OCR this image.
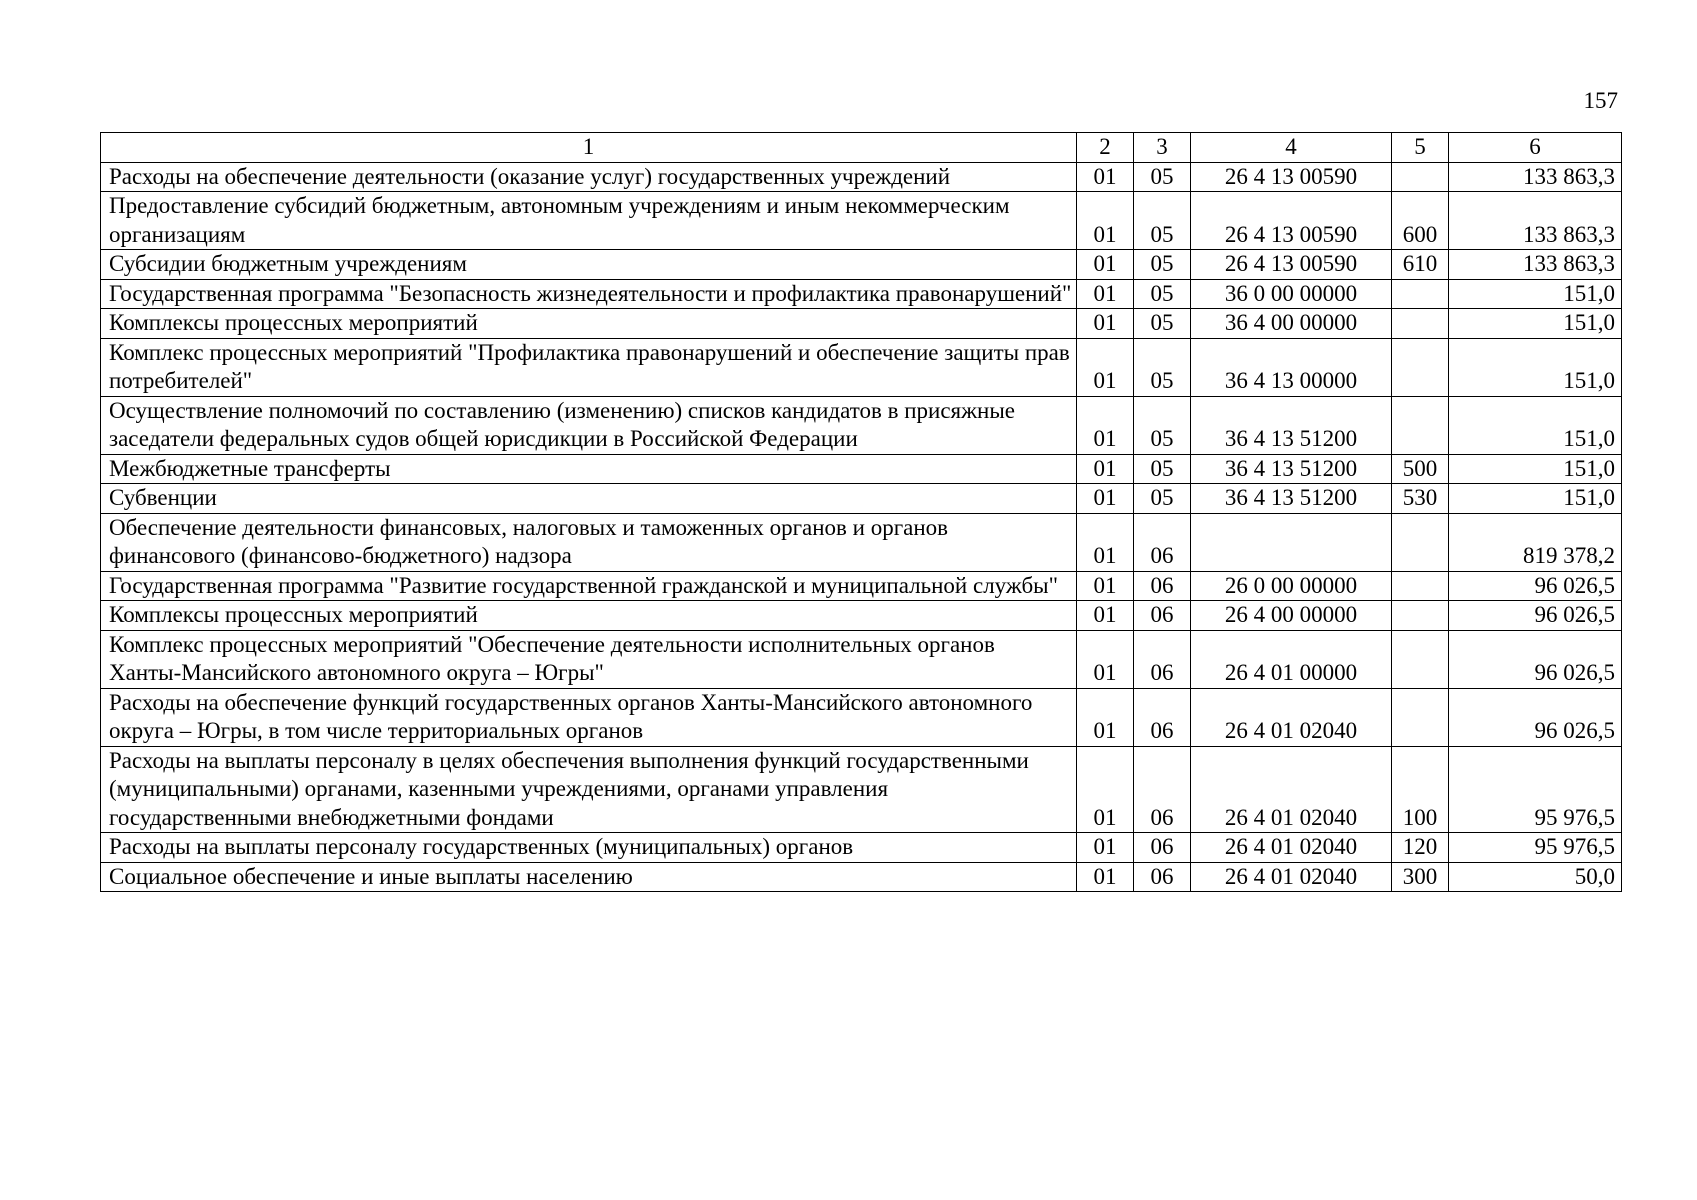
157
1	2	3	4	5	6
Расходы на обеспечение деятельности (оказание услуг) государственных учреждений	01	05	26 4 13 00590		133 863,3
Предоставление субсидий бюджетным, автономным учреждениям и иным некоммерческим организациям	01	05	26 4 13 00590	600	133 863,3
Субсидии бюджетным учреждениям	01	05	26 4 13 00590	610	133 863,3
Государственная программа "Безопасность жизнедеятельности и профилактика правонарушений"	01	05	36 0 00 00000		151,0
Комплексы процессных мероприятий	01	05	36 4 00 00000		151,0
Комплекс процессных мероприятий "Профилактика правонарушений и обеспечение защиты прав потребителей"	01	05	36 4 13 00000		151,0
Осуществление полномочий по составлению (изменению) списков кандидатов в присяжные заседатели федеральных судов общей юрисдикции в Российской Федерации	01	05	36 4 13 51200		151,0
Межбюджетные трансферты	01	05	36 4 13 51200	500	151,0
Субвенции	01	05	36 4 13 51200	530	151,0
Обеспечение деятельности финансовых, налоговых и таможенных органов и органов финансового (финансово-бюджетного) надзора	01	06			819 378,2
Государственная программа "Развитие государственной гражданской и муниципальной службы"	01	06	26 0 00 00000		96 026,5
Комплексы процессных мероприятий	01	06	26 4 00 00000		96 026,5
Комплекс процессных мероприятий "Обеспечение деятельности исполнительных органов Ханты-Мансийского автономного округа – Югры"	01	06	26 4 01 00000		96 026,5
Расходы на обеспечение функций государственных органов Ханты-Мансийского автономного округа – Югры, в том числе территориальных органов	01	06	26 4 01 02040		96 026,5
Расходы на выплаты персоналу в целях обеспечения выполнения функций государственными (муниципальными) органами, казенными учреждениями, органами управления государственными внебюджетными фондами	01	06	26 4 01 02040	100	95 976,5
Расходы на выплаты персоналу государственных (муниципальных) органов	01	06	26 4 01 02040	120	95 976,5
Социальное обеспечение и иные выплаты населению	01	06	26 4 01 02040	300	50,0
